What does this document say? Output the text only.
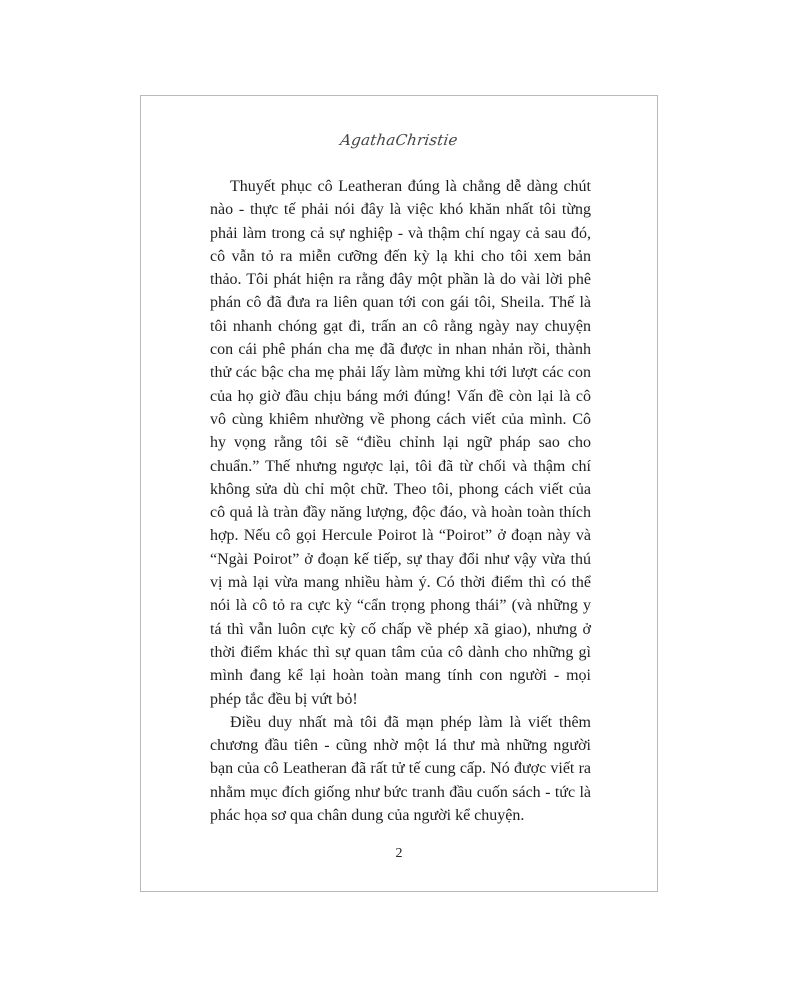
AgathaChristie

Thuyết phục cô Leatheran đúng là chẳng dễ dàng chút nào - thực tế phải nói đây là việc khó khăn nhất tôi từng phải làm trong cả sự nghiệp - và thậm chí ngay cả sau đó, cô vẫn tỏ ra miễn cưỡng đến kỳ lạ khi cho tôi xem bản thảo. Tôi phát hiện ra rằng đây một phần là do vài lời phê phán cô đã đưa ra liên quan tới con gái tôi, Sheila. Thế là tôi nhanh chóng gạt đi, trấn an cô rằng ngày nay chuyện con cái phê phán cha mẹ đã được in nhan nhản rồi, thành thử các bậc cha mẹ phải lấy làm mừng khi tới lượt các con của họ giờ đầu chịu báng mới đúng! Vấn đề còn lại là cô vô cùng khiêm nhường về phong cách viết của mình. Cô hy vọng rằng tôi sẽ “điều chỉnh lại ngữ pháp sao cho chuẩn.” Thế nhưng ngược lại, tôi đã từ chối và thậm chí không sửa dù chỉ một chữ. Theo tôi, phong cách viết của cô quả là tràn đầy năng lượng, độc đáo, và hoàn toàn thích hợp. Nếu cô gọi Hercule Poirot là “Poirot” ở đoạn này và “Ngài Poirot” ở đoạn kế tiếp, sự thay đổi như vậy vừa thú vị mà lại vừa mang nhiều hàm ý. Có thời điểm thì có thể nói là cô tỏ ra cực kỳ “cẩn trọng phong thái” (và những y tá thì vẫn luôn cực kỳ cố chấp về phép xã giao), nhưng ở thời điểm khác thì sự quan tâm của cô dành cho những gì mình đang kể lại hoàn toàn mang tính con người - mọi phép tắc đều bị vứt bỏ!

Điều duy nhất mà tôi đã mạn phép làm là viết thêm chương đầu tiên - cũng nhờ một lá thư mà những người bạn của cô Leatheran đã rất tử tế cung cấp. Nó được viết ra nhằm mục đích giống như bức tranh đầu cuốn sách - tức là phác họa sơ qua chân dung của người kể chuyện.

2
